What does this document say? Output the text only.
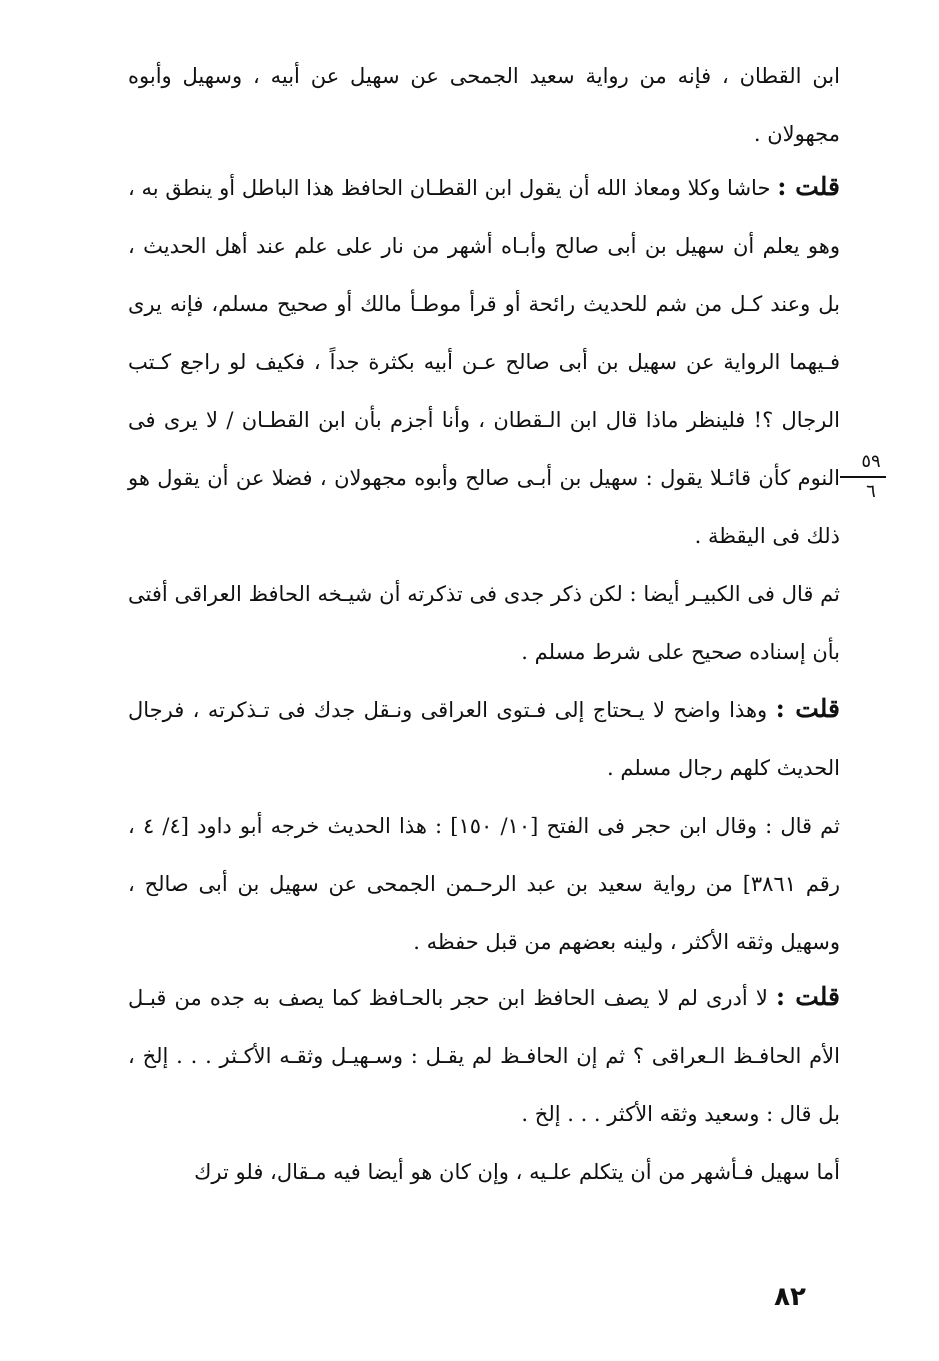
ابن القطان ، فإنه من رواية سعيد الجمحى عن سهيل عن أبيه ، وسهيل وأبوه مجهولان .
قلت : حاشا وكلا ومعاذ الله أن يقول ابن القطـان الحافظ هذا الباطل أو ينطق به ، وهو يعلم أن سهيل بن أبى صالح وأبـاه أشهر من نار على علم عند أهل الحديث ، بل وعند كـل من شم للحديث رائحة أو قرأ موطـأ مالك أو صحيح مسلم، فإنه يرى فـيهما الرواية عن سهيل بن أبى صالح عـن أبيه بكثرة جداً ، فكيف لو راجع كـتب الرجال ؟! فلينظر ماذا قال ابن الـقطان ، وأنا أجزم بأن ابن القطـان / لا يرى فى النوم كأن قائـلا يقول : سهيل بن أبـى صالح وأبوه مجهولان ، فضلا عن أن يقول هو ذلك فى اليقظة .
٥٩
٦
ثم قال فى الكبيـر أيضا : لكن ذكر جدى فى تذكرته أن شيـخه الحافظ العراقى أفتى بأن إسناده صحيح على شرط مسلم .
قلت : وهذا واضح لا يـحتاج إلى فـتوى العراقى ونـقل جدك فى تـذكرته ، فرجال الحديث كلهم رجال مسلم .
ثم قال : وقال ابن حجر فى الفتح [١٠/ ١٥٠] : هذا الحديث خرجه أبو داود [٤/ ٤ ، رقم ٣٨٦١] من رواية سعيد بن عبد الرحـمن الجمحى عن سهيل بن أبى صالح ، وسهيل وثقه الأكثر ، ولينه بعضهم من قبل حفظه .
قلت : لا أدرى لم لا يصف الحافظ ابن حجر بالحـافظ كما يصف به جده من قبـل الأم الحافـظ الـعراقى ؟ ثم إن الحافـظ لم يقـل : وسـهيـل وثقـه الأكـثر . . . إلخ ، بل قال : وسعيد وثقه الأكثر . . . إلخ .
أما سهيل فـأشهر من أن يتكلم علـيه ، وإن كان هو أيضا فيه مـقال، فلو ترك
٨٢
